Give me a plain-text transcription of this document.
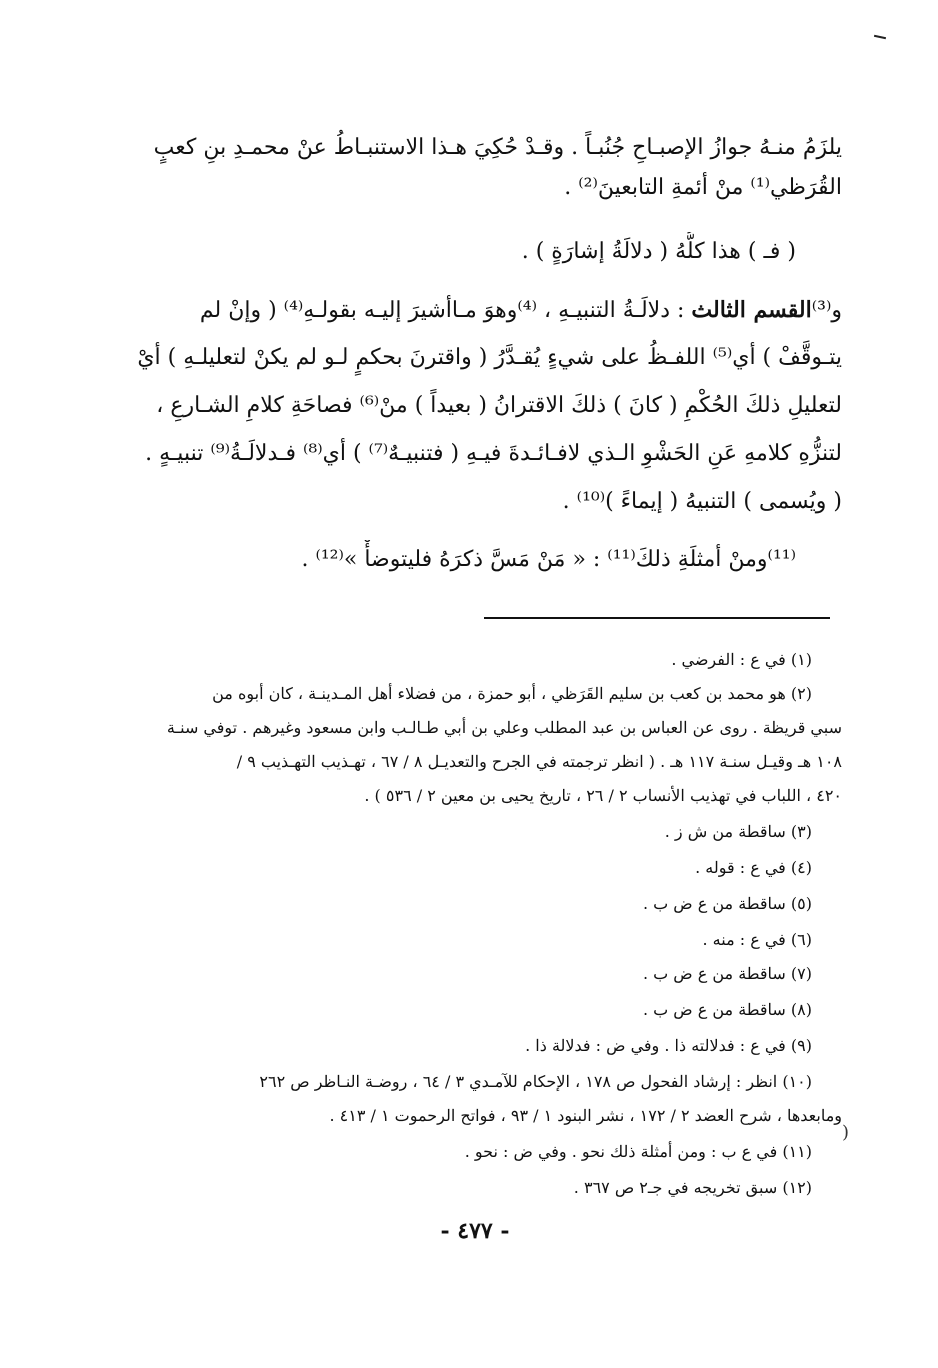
يلزَمُ منـهُ جوازُ الإصبـاحِ جُنُبـاً . وقـدْ حُكِيَ هـذا الاستنبـاطُ عنْ محمـدِ بنِ كعبٍ
القُرَظي⁽¹⁾ منْ أئمةِ التابعينَ⁽²⁾ .
( فـ ) هذا كلُّهُ ( دلالَةُ إشارَةٍ ) .
و⁽³⁾القسم الثالث : دلالَـةُ التنبيـهِ ، ⁽⁴⁾وهوَ مـاأشيرَ إليـه بقولـهِ⁽⁴⁾ ( وإنْ لم
يتـوقَّفْ ) أي⁽⁵⁾ اللفـظُ على شيءٍ يُقـدَّرُ ( واقترنَ بحكمٍ لـو لم يكنْ لتعليلـهِ ) أيْ
لتعليلِ ذلكَ الحُكْمِ ( كانَ ) ذلكَ الاقترانُ ( بعيداً ) منْ⁽⁶⁾ فصاحَةِ كلامِ الشـارعِ ،
لتنزُّهِ كلامهِ عَنِ الحَشْوِ الـذي لافـائـدةَ فيـهِ ( فتنبيـهٌ⁽⁷⁾ ) أي⁽⁸⁾ فـدلالَـةُ⁽⁹⁾ تنبيـهٍ .
( ويُسمى ) التنبيهُ ( إيماءً )⁽¹⁰⁾ .
⁽¹¹⁾ومنْ أمثلَةِ ذلكَ⁽¹¹⁾ : « مَنْ مَسَّ ذكرَهُ فليتوضأْ »⁽¹²⁾ .
(١) في ع : الفرضي .
(٢) هو محمد بن كعب بن سليم القَرَظي ، أبو حمزة ، من فضلاء أهل المـدينـة ، كان أبوه من
سبي قريظة . روى عن العباس بن عبد المطلب وعلي بن أبي طـالـب وابن مسعود وغيرهم . توفي سنـة
١٠٨ هـ وقيـل سنـة ١١٧ هـ . ( انظر ترجمته في الجرح والتعديـل ٨ / ٦٧ ، تهـذيب التهـذيب ٩ /
٤٢٠ ، اللباب في تهذيب الأنساب ٢ / ٢٦ ، تاريخ يحيى بن معين ٢ / ٥٣٦ ) .
(٣) ساقطة من ش ز .
(٤) في ع : قوله .
(٥) ساقطة من ع ض ب .
(٦) في ع : منه .
(٧) ساقطة من ع ض ب .
(٨) ساقطة من ع ض ب .
(٩) في ع : فدلالته ذا . وفي ض : فدلالة ذا .
(١٠) انظر : إرشاد الفحول ص ١٧٨ ، الإحكام للآمـدي ٣ / ٦٤ ، روضـة النـاظر ص ٢٦٢
ومابعدها ، شرح العضد ٢ / ١٧٢ ، نشر البنود ١ / ٩٣ ، فواتح الرحموت ١ / ٤١٣ .
(١١) في ع ب : ومن أمثلة ذلك نحو . وفي ض : نحو .
(١٢) سبق تخريجه في جـ٢ ص ٣٦٧ .
)
- ٤٧٧ -
